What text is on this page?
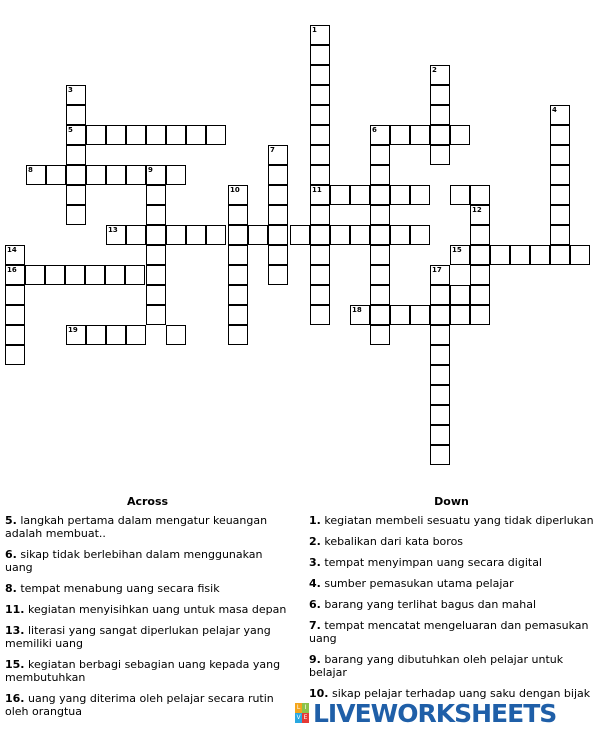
1
2
3
4
5	6
7
8	9
10	11
12
13
14	15
16	17
18
19
Across
5. langkah pertama dalam mengatur keuangan adalah membuat..
6. sikap tidak berlebihan dalam menggunakan uang
8. tempat menabung uang secara fisik
11. kegiatan menyisihkan uang untuk masa depan
13. literasi yang sangat diperlukan pelajar yang memiliki uang
15. kegiatan berbagi sebagian uang kepada yang membutuhkan
16. uang yang diterima oleh pelajar secara rutin oleh orangtua
Down
1. kegiatan membeli sesuatu yang tidak diperlukan
2. kebalikan dari kata boros
3. tempat menyimpan uang secara digital
4. sumber pemasukan utama pelajar
6. barang yang terlihat bagus dan mahal
7. tempat mencatat mengeluaran dan pemasukan uang
9. barang yang dibutuhkan oleh pelajar untuk belajar
10. sikap pelajar terhadap uang saku dengan bijak
L I
V E LIVEWORKSHEETS
